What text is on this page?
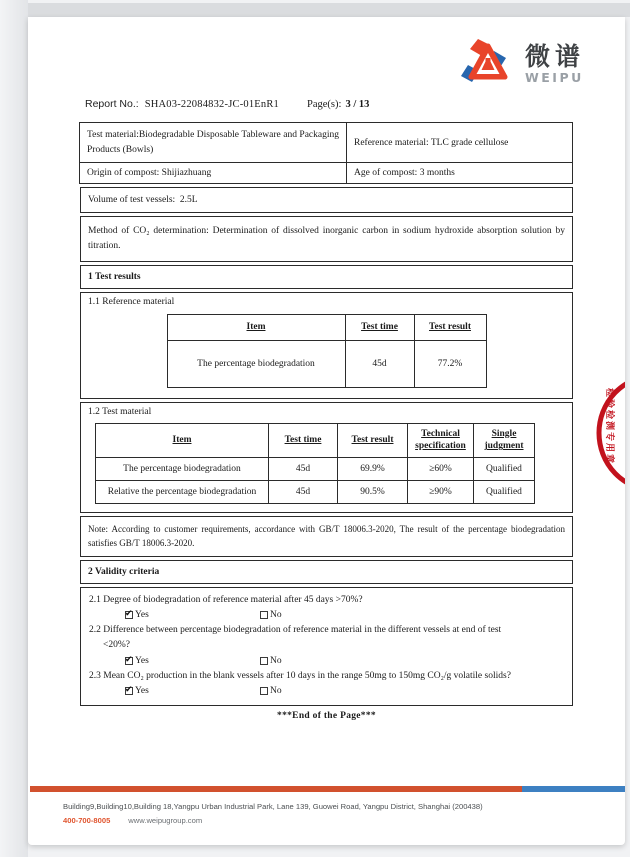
微谱
WEIPU
Report No.: SHA03-22084832-JC-01EnR1	Page(s): 3 / 13
Test material:Biodegradable Disposable Tableware and Packaging Products (Bowls)
Reference material: TLC grade cellulose
Origin of compost: Shijiazhuang	Age of compost: 3 months
Volume of test vessels:  2.5L
Method of CO₂ determination: Determination of dissolved inorganic carbon in sodium hydroxide absorption solution by titration.
1 Test results
1.1 Reference material
Item	Test time	Test result
The percentage biodegradation	45d	77.2%
1.2 Test material
Item	Test time	Test result	Technical specification	Single judgment
The percentage biodegradation	45d	69.9%	≥60%	Qualified
Relative the percentage biodegradation	45d	90.5%	≥90%	Qualified
Note: According to customer requirements, accordance with GB/T 18006.3-2020, The result of the percentage biodegradation satisfies GB/T 18006.3-2020.
2 Validity criteria
2.1 Degree of biodegradation of reference material after 45 days >70%?
✔
Yes	No
2.2 Difference between percentage biodegradation of reference material in the different vessels at end of test
<20%?
✔
Yes	No
2.3 Mean CO₂ production in the blank vessels after 10 days in the range 50mg to 150mg CO₂/g volatile solids?
✔
Yes	No
***End of the Page***
检验检测专用章
Building9,Building10,Building 18,Yangpu Urban Industrial Park, Lane 139, Guowei Road, Yangpu District, Shanghai (200438)
400-700-8005 www.weipugroup.com
